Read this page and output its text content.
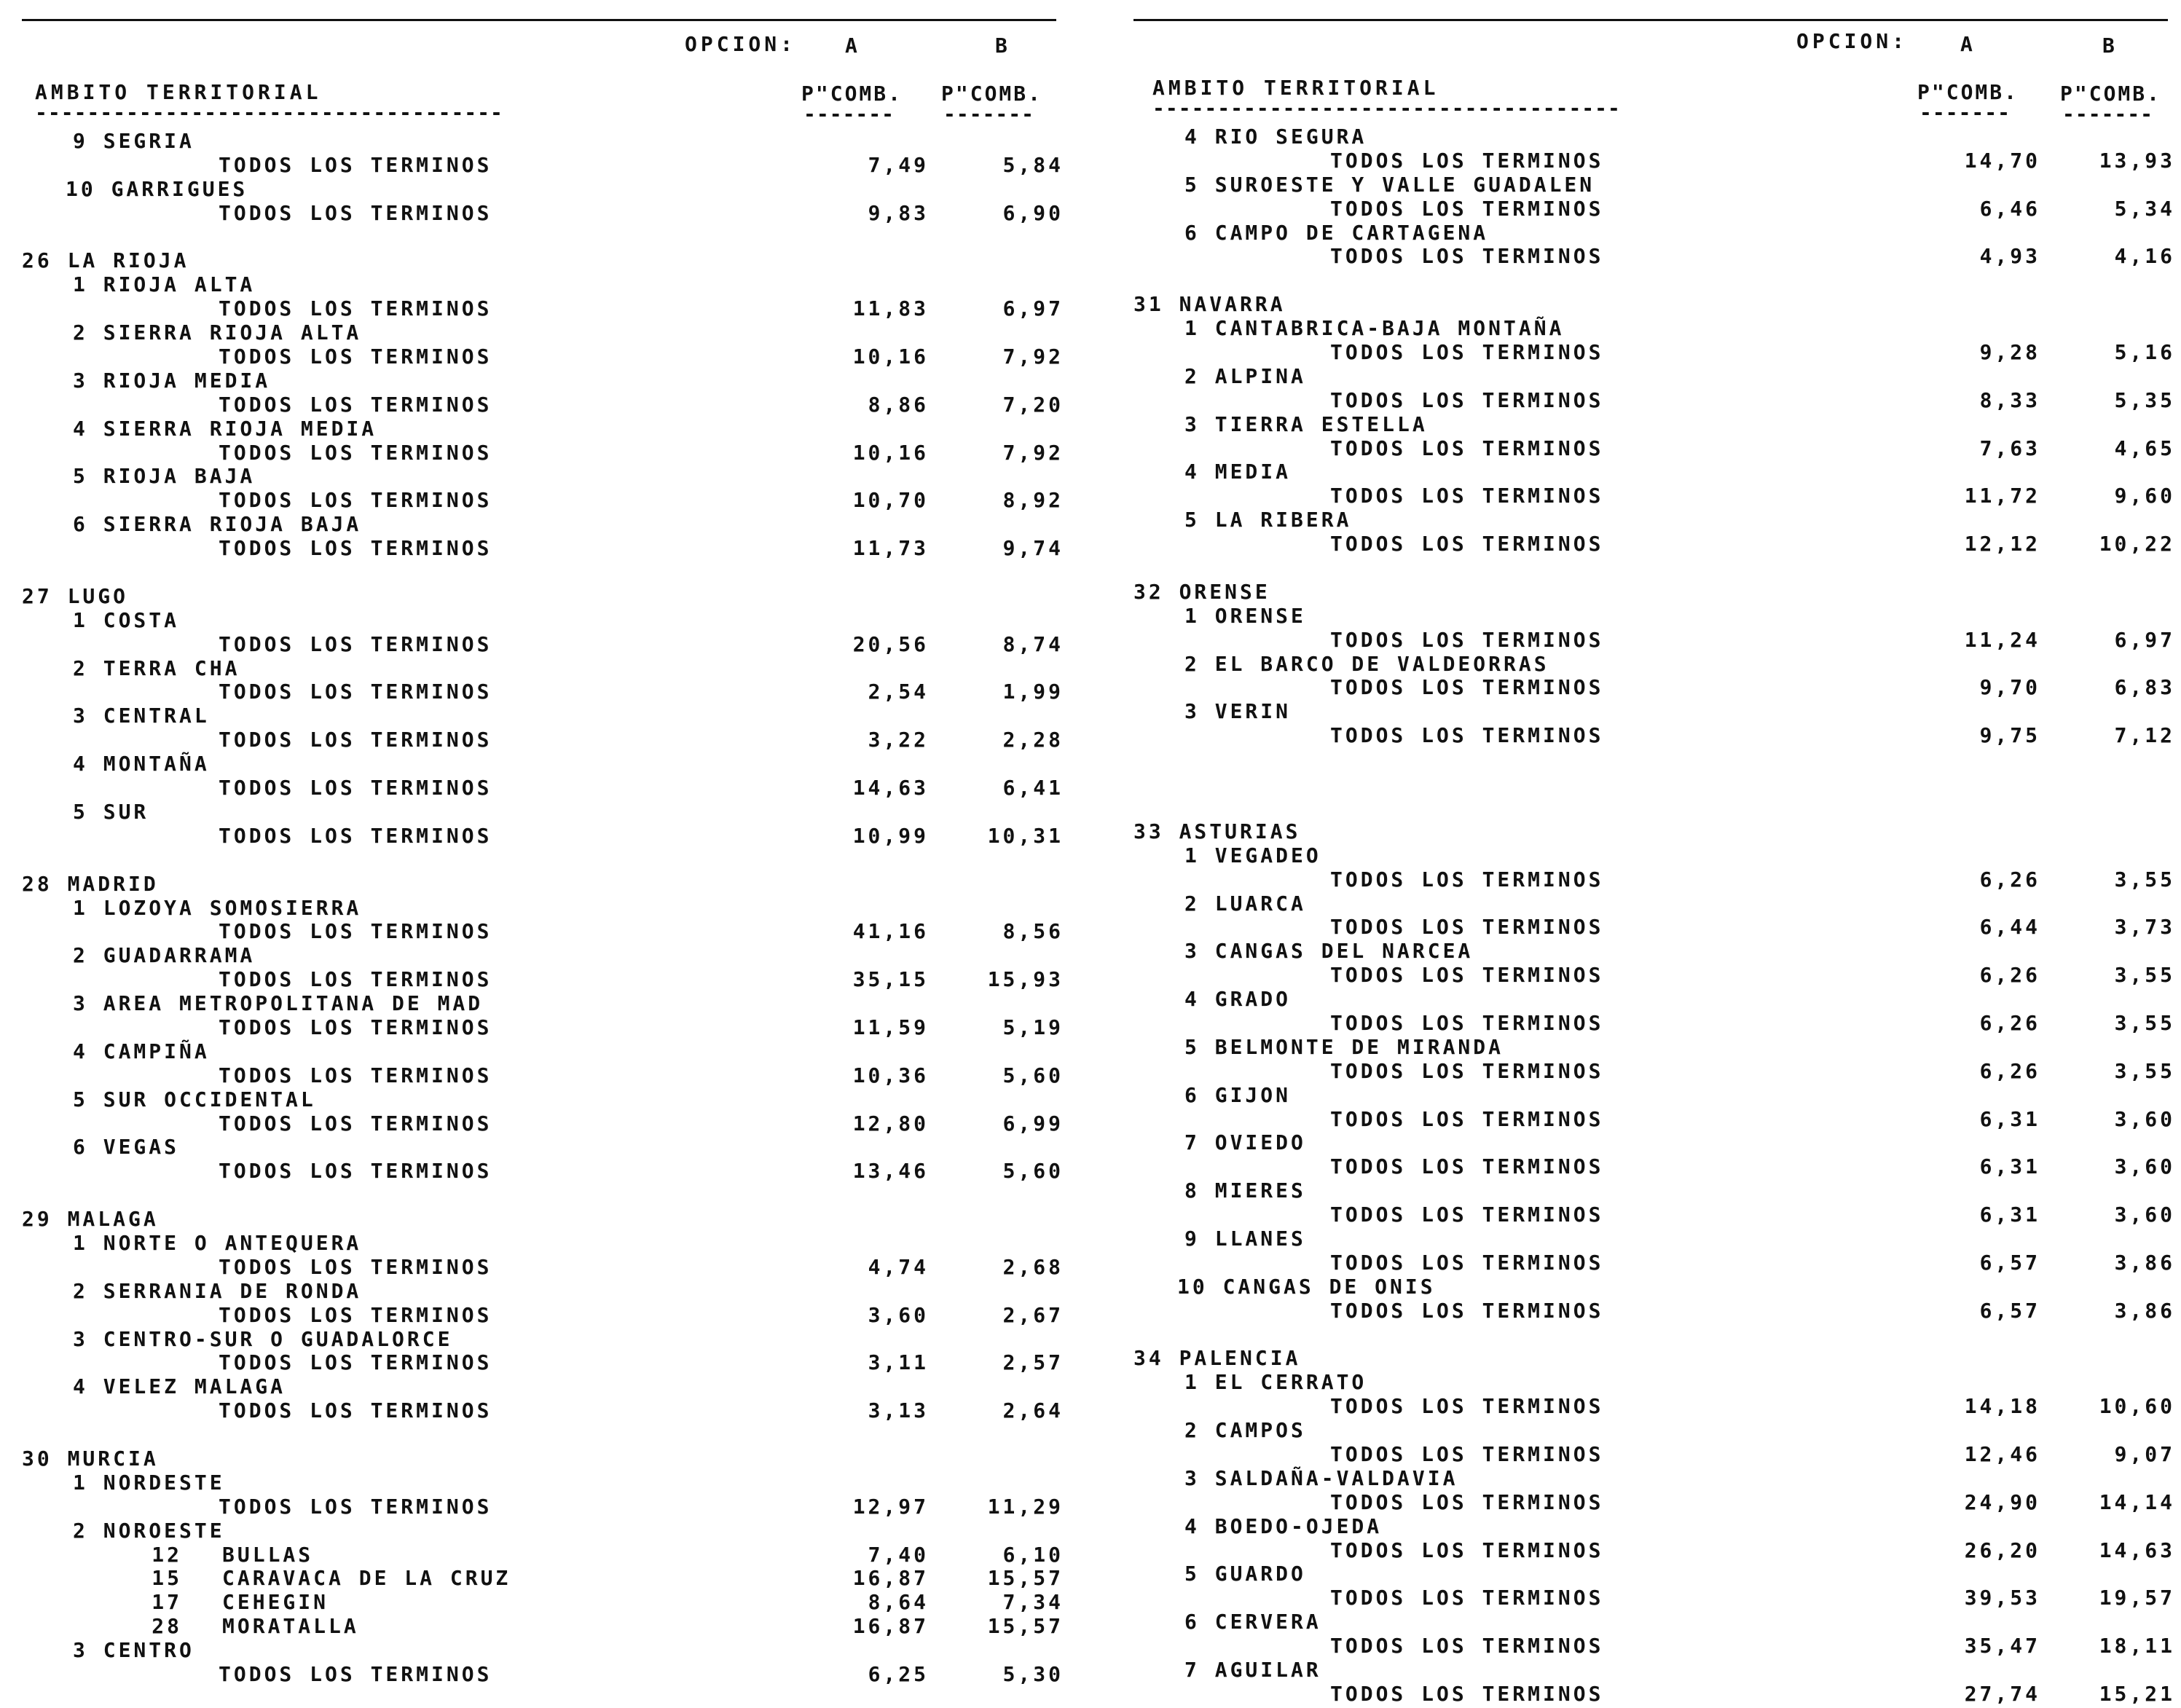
OPCION: A	B
AMBITO TERRITORIAL
------------------------------------
P"COMB.
-------
P"COMB.
-------
9 SEGRIA
TODOS LOS TERMINOS	7,49	5,84
10 GARRIGUES
TODOS LOS TERMINOS	9,83	6,90
26 LA RIOJA
1 RIOJA ALTA
TODOS LOS TERMINOS	11,83	6,97
2 SIERRA RIOJA ALTA
TODOS LOS TERMINOS	10,16	7,92
3 RIOJA MEDIA
TODOS LOS TERMINOS	8,86	7,20
4 SIERRA RIOJA MEDIA
TODOS LOS TERMINOS	10,16	7,92
5 RIOJA BAJA
TODOS LOS TERMINOS	10,70	8,92
6 SIERRA RIOJA BAJA
TODOS LOS TERMINOS	11,73	9,74
27 LUGO
1 COSTA
TODOS LOS TERMINOS	20,56	8,74
2 TERRA CHA
TODOS LOS TERMINOS	2,54	1,99
3 CENTRAL
TODOS LOS TERMINOS	3,22	2,28
4 MONTAÑA
TODOS LOS TERMINOS	14,63	6,41
5 SUR
TODOS LOS TERMINOS	10,99	10,31
28 MADRID
1 LOZOYA SOMOSIERRA
TODOS LOS TERMINOS	41,16	8,56
2 GUADARRAMA
TODOS LOS TERMINOS	35,15	15,93
3 AREA METROPOLITANA DE MAD
TODOS LOS TERMINOS	11,59	5,19
4 CAMPIÑA
TODOS LOS TERMINOS	10,36	5,60
5 SUR OCCIDENTAL
TODOS LOS TERMINOS	12,80	6,99
6 VEGAS
TODOS LOS TERMINOS	13,46	5,60
29 MALAGA
1 NORTE O ANTEQUERA
TODOS LOS TERMINOS	4,74	2,68
2 SERRANIA DE RONDA
TODOS LOS TERMINOS	3,60	2,67
3 CENTRO-SUR O GUADALORCE
TODOS LOS TERMINOS	3,11	2,57
4 VELEZ MALAGA
TODOS LOS TERMINOS	3,13	2,64
30 MURCIA
1 NORDESTE
TODOS LOS TERMINOS	12,97	11,29
2 NOROESTE
12 BULLAS	7,40	6,10
15 CARAVACA DE LA CRUZ	16,87	15,57
17 CEHEGIN	8,64	7,34
28 MORATALLA	16,87	15,57
3 CENTRO
TODOS LOS TERMINOS	6,25	5,30
OPCION:	A	B
AMBITO TERRITORIAL
------------------------------------
P"COMB.
-------
P"COMB.
-------
4 RIO SEGURA
TODOS LOS TERMINOS	14,70	13,93
5 SUROESTE Y VALLE GUADALEN
TODOS LOS TERMINOS	6,46	5,34
6 CAMPO DE CARTAGENA
TODOS LOS TERMINOS	4,93	4,16
31 NAVARRA
1 CANTABRICA-BAJA MONTAÑA
TODOS LOS TERMINOS	9,28	5,16
2 ALPINA
TODOS LOS TERMINOS	8,33	5,35
3 TIERRA ESTELLA
TODOS LOS TERMINOS	7,63	4,65
4 MEDIA
TODOS LOS TERMINOS	11,72	9,60
5 LA RIBERA
TODOS LOS TERMINOS	12,12	10,22
32 ORENSE
1 ORENSE
TODOS LOS TERMINOS	11,24	6,97
2 EL BARCO DE VALDEORRAS
TODOS LOS TERMINOS	9,70	6,83
3 VERIN
TODOS LOS TERMINOS	9,75	7,12
33 ASTURIAS
1 VEGADEO
TODOS LOS TERMINOS	6,26	3,55
2 LUARCA
TODOS LOS TERMINOS	6,44	3,73
3 CANGAS DEL NARCEA
TODOS LOS TERMINOS	6,26	3,55
4 GRADO
TODOS LOS TERMINOS	6,26	3,55
5 BELMONTE DE MIRANDA
TODOS LOS TERMINOS	6,26	3,55
6 GIJON
TODOS LOS TERMINOS	6,31	3,60
7 OVIEDO
TODOS LOS TERMINOS	6,31	3,60
8 MIERES
TODOS LOS TERMINOS	6,31	3,60
9 LLANES
TODOS LOS TERMINOS	6,57	3,86
10 CANGAS DE ONIS
TODOS LOS TERMINOS	6,57	3,86
34 PALENCIA
1 EL CERRATO
TODOS LOS TERMINOS	14,18	10,60
2 CAMPOS
TODOS LOS TERMINOS	12,46	9,07
3 SALDAÑA-VALDAVIA
TODOS LOS TERMINOS	24,90	14,14
4 BOEDO-OJEDA
TODOS LOS TERMINOS	26,20	14,63
5 GUARDO
TODOS LOS TERMINOS	39,53	19,57
6 CERVERA
TODOS LOS TERMINOS	35,47	18,11
7 AGUILAR
TODOS LOS TERMINOS	27,74	15,21
